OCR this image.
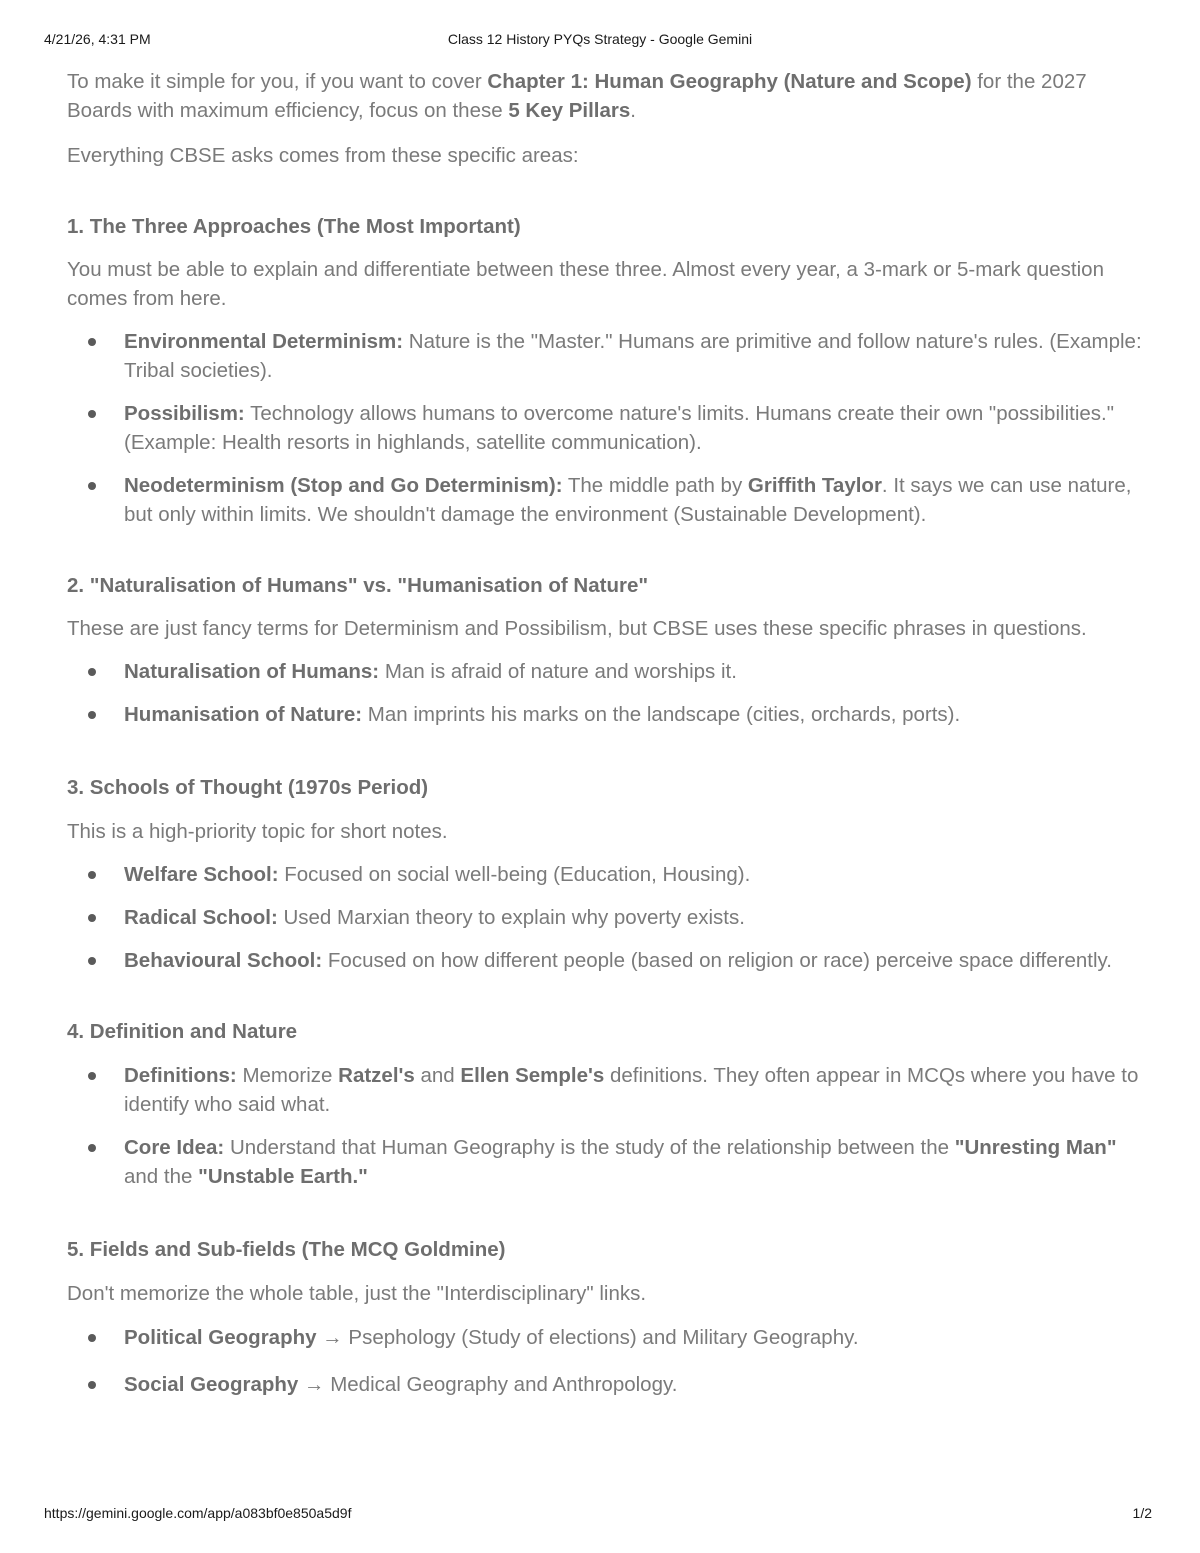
4/21/26, 4:31 PM	Class 12 History PYQs Strategy - Google Gemini

To make it simple for you, if you want to cover Chapter 1: Human Geography (Nature and Scope) for the 2027 Boards with maximum efficiency, focus on these 5 Key Pillars.

Everything CBSE asks comes from these specific areas:

1. The Three Approaches (The Most Important)

You must be able to explain and differentiate between these three. Almost every year, a 3-mark or 5-mark question comes from here.

Environmental Determinism: Nature is the "Master." Humans are primitive and follow nature's rules. (Example: Tribal societies).
Possibilism: Technology allows humans to overcome nature's limits. Humans create their own "possibilities." (Example: Health resorts in highlands, satellite communication).
Neodeterminism (Stop and Go Determinism): The middle path by Griffith Taylor. It says we can use nature, but only within limits. We shouldn't damage the environment (Sustainable Development).
2. "Naturalisation of Humans" vs. "Humanisation of Nature"

These are just fancy terms for Determinism and Possibilism, but CBSE uses these specific phrases in questions.

Naturalisation of Humans: Man is afraid of nature and worships it.
Humanisation of Nature: Man imprints his marks on the landscape (cities, orchards, ports).
3. Schools of Thought (1970s Period)

This is a high-priority topic for short notes.

Welfare School: Focused on social well-being (Education, Housing).
Radical School: Used Marxian theory to explain why poverty exists.
Behavioural School: Focused on how different people (based on religion or race) perceive space differently.
4. Definition and Nature
Definitions: Memorize Ratzel's and Ellen Semple's definitions. They often appear in MCQs where you have to identify who said what.
Core Idea: Understand that Human Geography is the study of the relationship between the "Unresting Man" and the "Unstable Earth."
5. Fields and Sub-fields (The MCQ Goldmine)

Don't memorize the whole table, just the "Interdisciplinary" links.

Political Geography → Psephology (Study of elections) and Military Geography.
Social Geography → Medical Geography and Anthropology.
https://gemini.google.com/app/a083bf0e850a5d9f	1/2
